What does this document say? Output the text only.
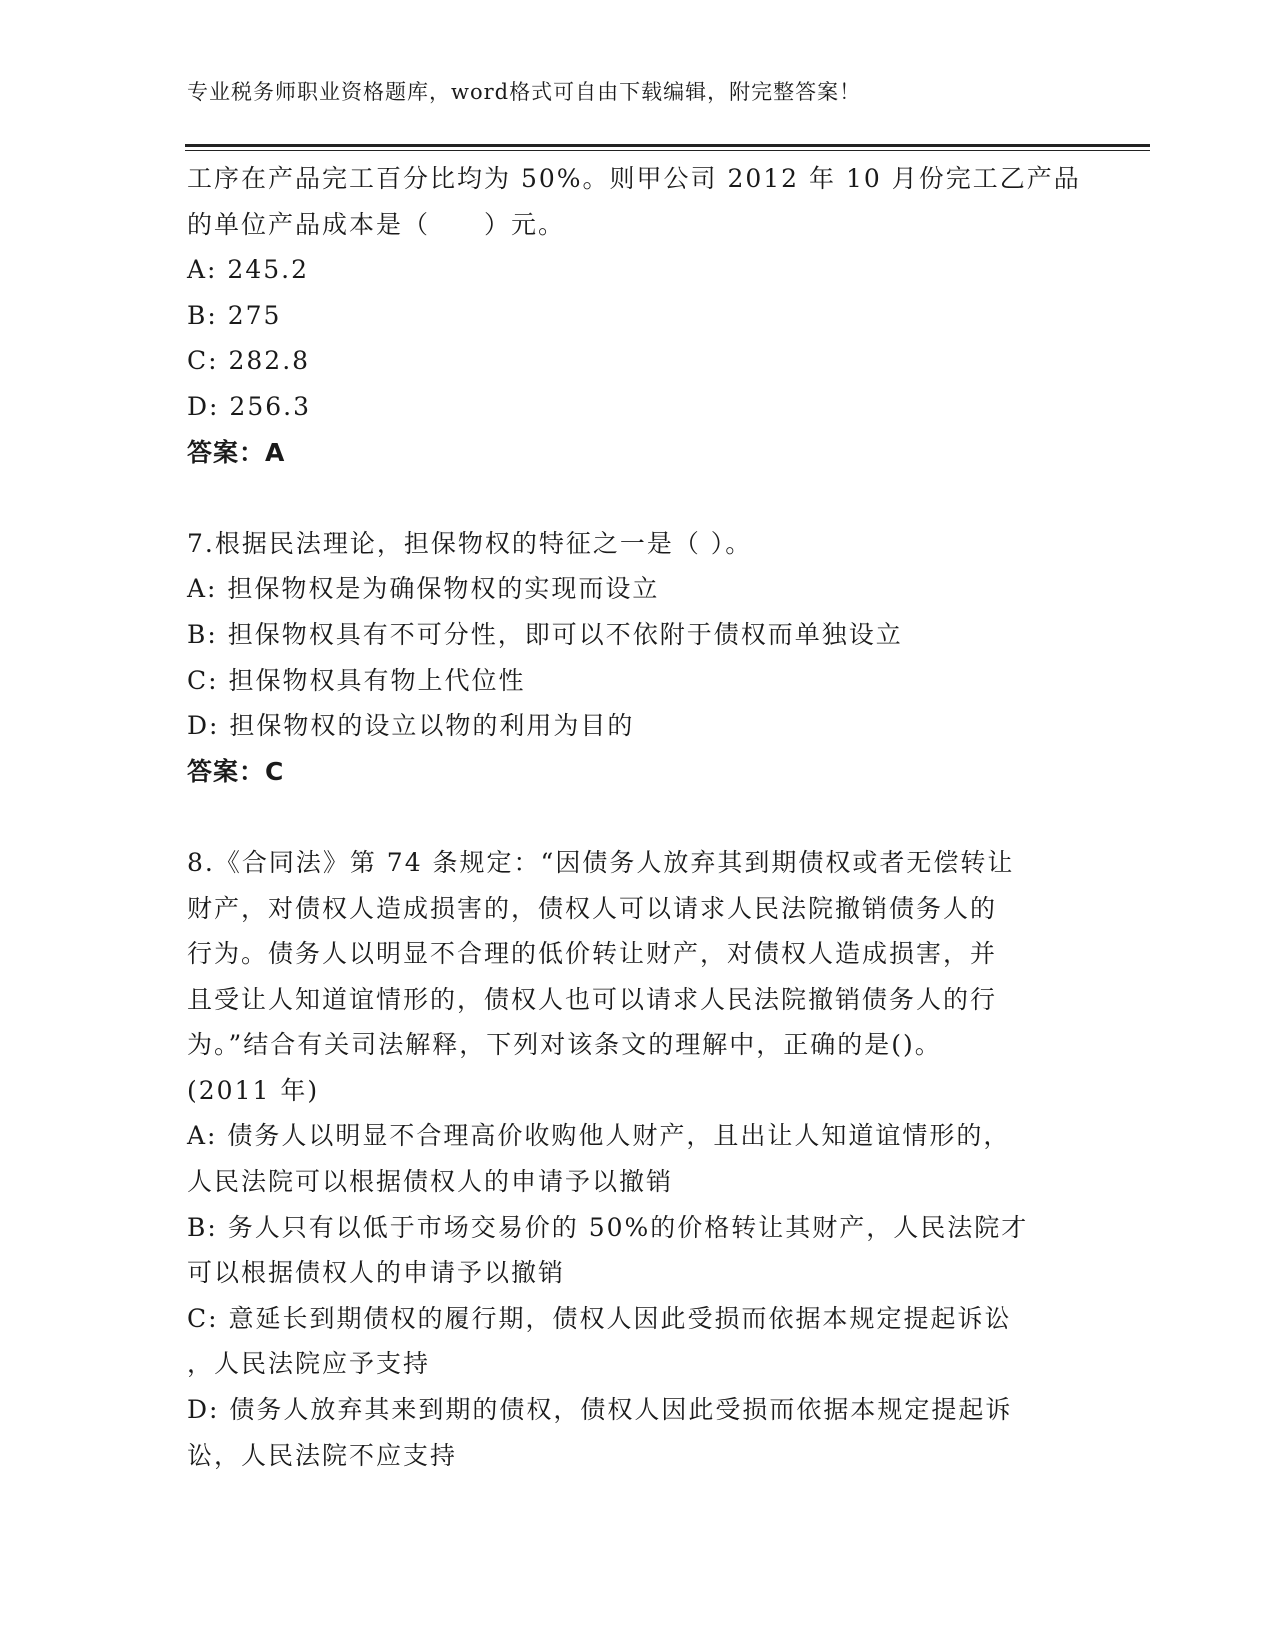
专业税务师职业资格题库，word格式可自由下载编辑，附完整答案！
工序在产品完工百分比均为 50%。则甲公司 2012 年 10 月份完工乙产品
的单位产品成本是（　　）元。
A: 245.2
B: 275
C: 282.8
D: 256.3
答案：A
7.根据民法理论，担保物权的特征之一是（ ）。
A: 担保物权是为确保物权的实现而设立
B: 担保物权具有不可分性，即可以不依附于债权而单独设立
C: 担保物权具有物上代位性
D: 担保物权的设立以物的利用为目的
答案：C
8.《合同法》第 74 条规定：“因债务人放弃其到期债权或者无偿转让
财产，对债权人造成损害的，债权人可以请求人民法院撤销债务人的
行为。债务人以明显不合理的低价转让财产，对债权人造成损害，并
且受让人知道谊情形的，债权人也可以请求人民法院撤销债务人的行
为。”结合有关司法解释，下列对该条文的理解中，正确的是()。
(2011 年)
A: 债务人以明显不合理高价收购他人财产，且出让人知道谊情形的，
人民法院可以根据债权人的申请予以撤销
B: 务人只有以低于市场交易价的 50%的价格转让其财产，人民法院才
可以根据债权人的申请予以撤销
C: 意延长到期债权的履行期，债权人因此受损而依据本规定提起诉讼
，人民法院应予支持
D: 债务人放弃其来到期的债权，债权人因此受损而依据本规定提起诉
讼，人民法院不应支持
